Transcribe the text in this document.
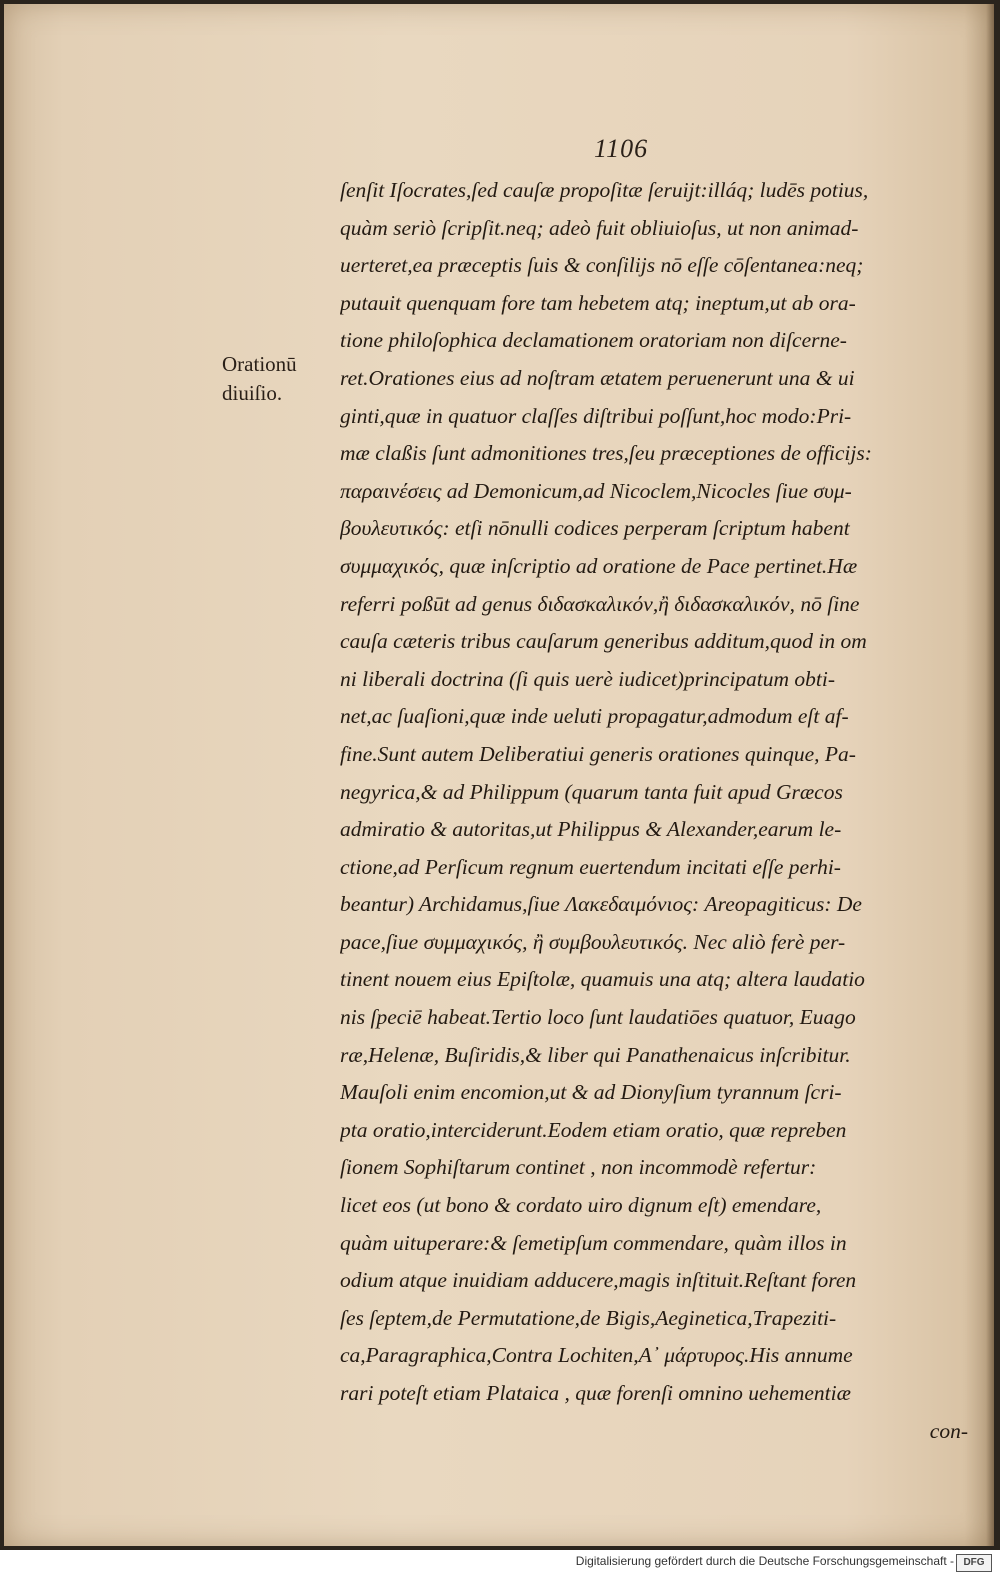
1106
Orationū
diuiſio.
ſenſit Iſocrates,ſed cauſæ propoſitæ ſeruijt:illáq; ludēs potius,
quàm seriò ſcripſit.neq; adeò fuit obliuioſus, ut non animad-
uerteret,ea præceptis ſuis & conſilijs nō eſſe cōſentanea:neq;
putauit quenquam fore tam hebetem atq; ineptum,ut ab ora-
tione philoſophica declamationem oratoriam non diſcerne-
ret.Orationes eius ad noſtram ætatem peruenerunt una & ui
ginti,quæ in quatuor claſſes diſtribui poſſunt,hoc modo:Pri-
mæ claßis ſunt admonitiones tres,ſeu præceptiones de officijs:
παραινέσεις ad Demonicum,ad Nicoclem,Nicocles ſiue συμ-
βουλευτικός: etſi nōnulli codices perperam ſcriptum habent
συμμαχικός, quæ inſcriptio ad oratione de Pace pertinet.Hæ
referri poßūt ad genus διδασκαλικόν,ἢ διδασκαλικόν, nō ſine
cauſa cæteris tribus cauſarum generibus additum,quod in om
ni liberali doctrina (ſi quis uerè iudicet)principatum obti-
net,ac ſuaſioni,quæ inde ueluti propagatur,admodum eſt af-
fine.Sunt autem Deliberatiui generis orationes quinque, Pa-
negyrica,& ad Philippum (quarum tanta fuit apud Græcos
admiratio & autoritas,ut Philippus & Alexander,earum le-
ctione,ad Perſicum regnum euertendum incitati eſſe perhi-
beantur) Archidamus,ſiue Λακεδαιμόνιος: Areopagiticus: De
pace,ſiue συμμαχικός, ἢ συμβουλευτικός. Nec aliò ferè per-
tinent nouem eius Epiſtolæ, quamuis una atq; altera laudatio
nis ſpeciē habeat.Tertio loco ſunt laudatiōes quatuor, Euago
ræ,Helenæ, Buſiridis,& liber qui Panathenaicus inſcribitur.
Mauſoli enim encomion,ut & ad Dionyſium tyrannum ſcri-
pta oratio,interciderunt.Eodem etiam oratio, quæ repreben
ſionem Sophiſtarum continet , non incommodè refertur:
licet eos (ut bono & cordato uiro dignum eſt) emendare,
quàm uituperare:& ſemetipſum commendare, quàm illos in
odium atque inuidiam adducere,magis inſtituit.Reſtant foren
ſes ſeptem,de Permutatione,de Bigis,Aeginetica,Trapeziti-
ca,Paragraphica,Contra Lochiten,Α᾽ μάρτυρος.His annume
rari poteſt etiam Plataica , quæ forenſi omnino uehementiæ
con-
Digitalisierung gefördert durch die Deutsche Forschungsgemeinschaft - DFG
